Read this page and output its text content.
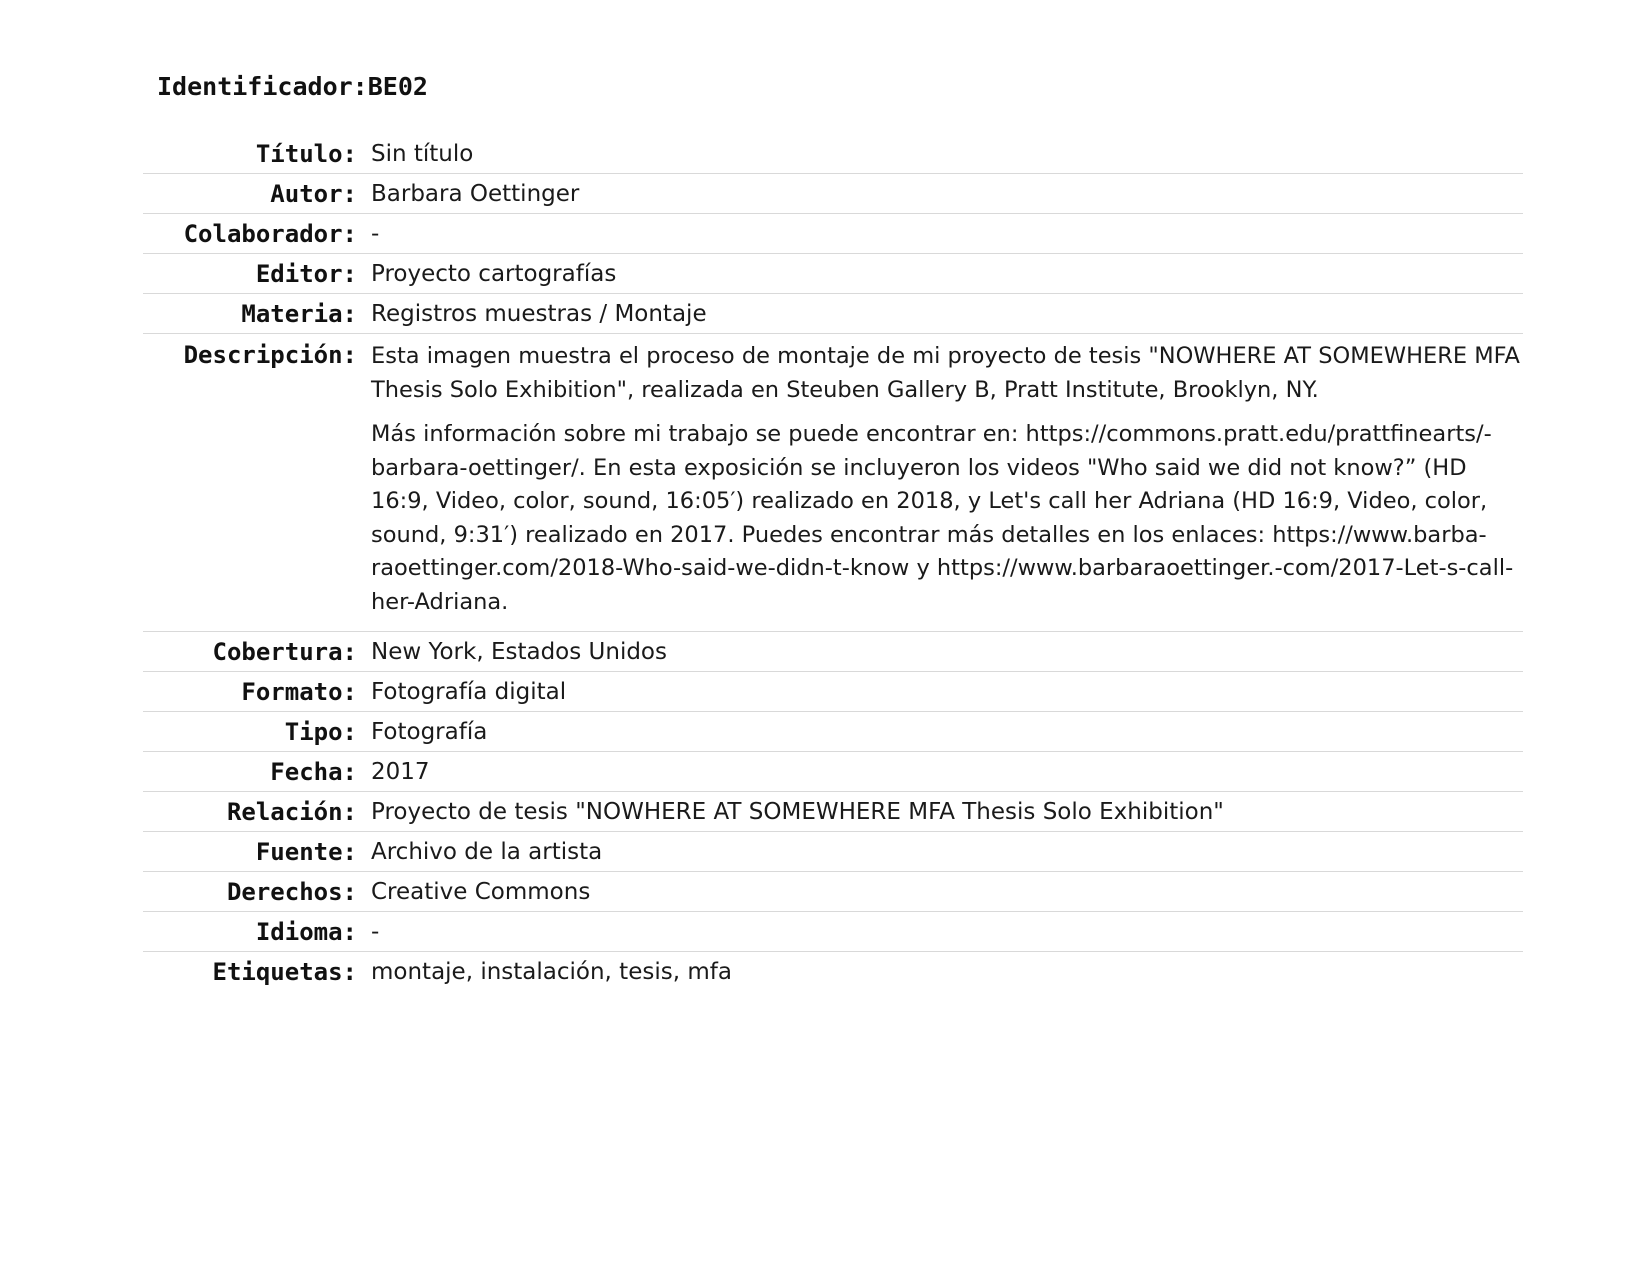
Identificador:BE02
Título:	Sin título
Autor:	Barbara Oettinger
Colaborador:	-
Editor:	Proyecto cartografías
Materia:	Registros muestras / Montaje
Descripción:	Esta imagen muestra el proceso de montaje de mi proyecto de tesis "NOWHERE AT SOMEWHERE MFA Thesis Solo Exhibition", realizada en Steuben Gallery B, Pratt Institute, Brooklyn, NY.

Más información sobre mi trabajo se puede encontrar en: https://commons.pratt.edu/prattfinearts/-barbara-oettinger/. En esta exposición se incluyeron los videos "Who said we did not know?” (HD 16:9, Video, color, sound, 16:05′) realizado en 2018, y Let's call her Adriana (HD 16:9, Video, color, sound, 9:31′) realizado en 2017. Puedes encontrar más detalles en los enlaces: https://www.barba-raoettinger.com/2018-Who-said-we-didn-t-know y https://www.barbaraoettinger.-com/2017-Let-s-call-her-Adriana.

Cobertura:	New York, Estados Unidos
Formato:	Fotografía digital
Tipo:	Fotografía
Fecha:	2017
Relación:	Proyecto de tesis "NOWHERE AT SOMEWHERE MFA Thesis Solo Exhibition"
Fuente:	Archivo de la artista
Derechos:	Creative Commons
Idioma:	-
Etiquetas:	montaje, instalación, tesis, mfa
